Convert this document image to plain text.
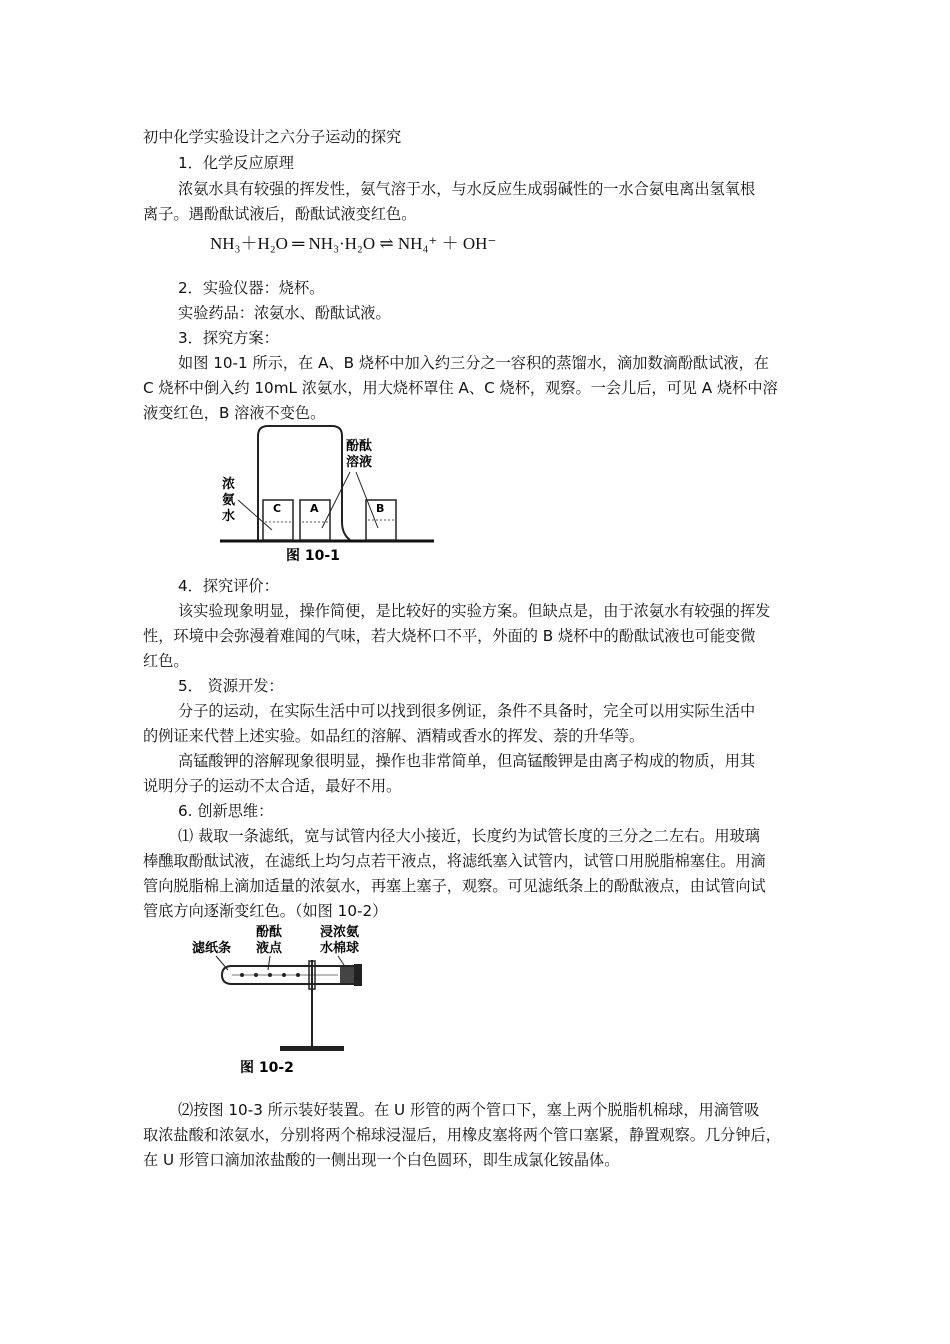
初中化学实验设计之六分子运动的探究
1．化学反应原理
浓氨水具有较强的挥发性，氨气溶于水，与水反应生成弱碱性的一水合氨电离出氢氧根
离子。遇酚酞试液后，酚酞试液变红色。
NH₃＋H₂O ═ NH₃·H₂O ⇌ NH₄⁺ ＋ OH⁻
2．实验仪器：烧杯。
实验药品：浓氨水、酚酞试液。
3．探究方案：
如图 10-1 所示，在 A、B 烧杯中加入约三分之一容积的蒸馏水，滴加数滴酚酞试液，在
C 烧杯中倒入约 10mL 浓氨水，用大烧杯罩住 A、C 烧杯，观察。一会儿后，可见 A 烧杯中溶
液变红色，B 溶液不变色。
浓
氨
水
酚酞
溶液
C	A	B
图 10-1
4．探究评价：
该实验现象明显，操作简便，是比较好的实验方案。但缺点是，由于浓氨水有较强的挥发
性，环境中会弥漫着难闻的气味，若大烧杯口不平，外面的 B 烧杯中的酚酞试液也可能变微
红色。
5． 资源开发：
分子的运动，在实际生活中可以找到很多例证，条件不具备时，完全可以用实际生活中
的例证来代替上述实验。如品红的溶解、酒精或香水的挥发、萘的升华等。
高锰酸钾的溶解现象很明显，操作也非常简单，但高锰酸钾是由离子构成的物质，用其
说明分子的运动不太合适，最好不用。
6. 创新思维：
⑴ 裁取一条滤纸，宽与试管内径大小接近，长度约为试管长度的三分之二左右。用玻璃
棒醮取酚酞试液，在滤纸上均匀点若干液点，将滤纸塞入试管内，试管口用脱脂棉塞住。用滴
管向脱脂棉上滴加适量的浓氨水，再塞上塞子，观察。可见滤纸条上的酚酞液点，由试管向试
管底方向逐渐变红色。（如图 10-2）
滤纸条
酚酞
液点
浸浓氨
水棉球
图 10-2
⑵按图 10-3 所示装好装置。在 U 形管的两个管口下，塞上两个脱脂机棉球，用滴管吸
取浓盐酸和浓氨水，分别将两个棉球浸湿后，用橡皮塞将两个管口塞紧，静置观察。几分钟后，
在 U 形管口滴加浓盐酸的一侧出现一个白色圆环，即生成氯化铵晶体。
